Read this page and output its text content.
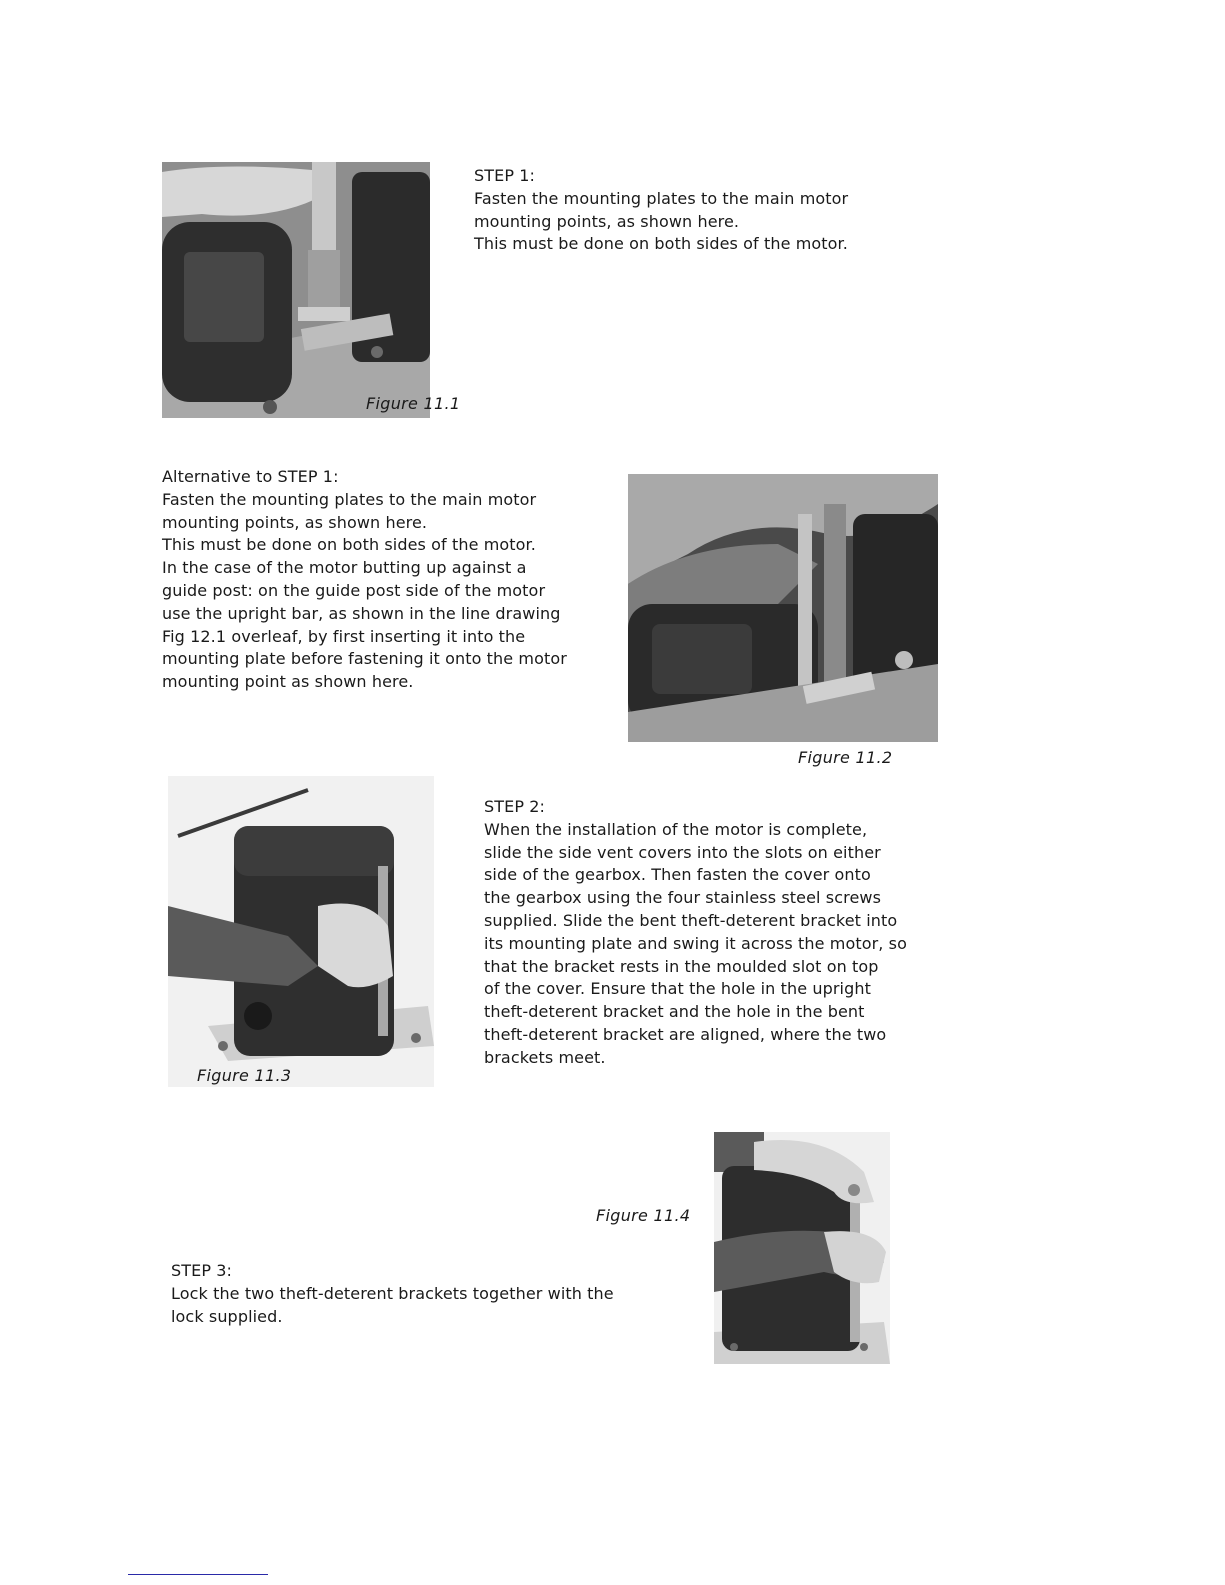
Figure 11.1
STEP 1:
Fasten the mounting plates to the main motor
mounting points, as shown here.
This must be done on both sides of the motor.
Alternative to STEP 1:
Fasten the mounting plates to the main motor
mounting points, as shown here.
This must be done on both sides of the motor.
In the case of the motor butting up against a
guide post: on the guide post side of the motor
use the upright bar, as shown in the line drawing
Fig 12.1 overleaf, by first inserting it into the
mounting plate before fastening it onto the motor
mounting point as shown here.
Figure 11.2
Figure 11.3
STEP 2:
When the installation of the motor is complete,
slide the side vent covers into the slots on either
side of the gearbox. Then fasten the cover onto
the gearbox using the four stainless steel screws
supplied. Slide the bent theft-deterent bracket into
its mounting plate and swing it across the motor, so
that the bracket rests in the moulded slot on top
of the cover. Ensure that the hole in the upright
theft-deterent bracket and the hole in the bent
theft-deterent bracket are aligned, where the two
brackets meet.
Figure 11.4
STEP 3:
Lock the two theft-deterent brackets together with the
lock supplied.
